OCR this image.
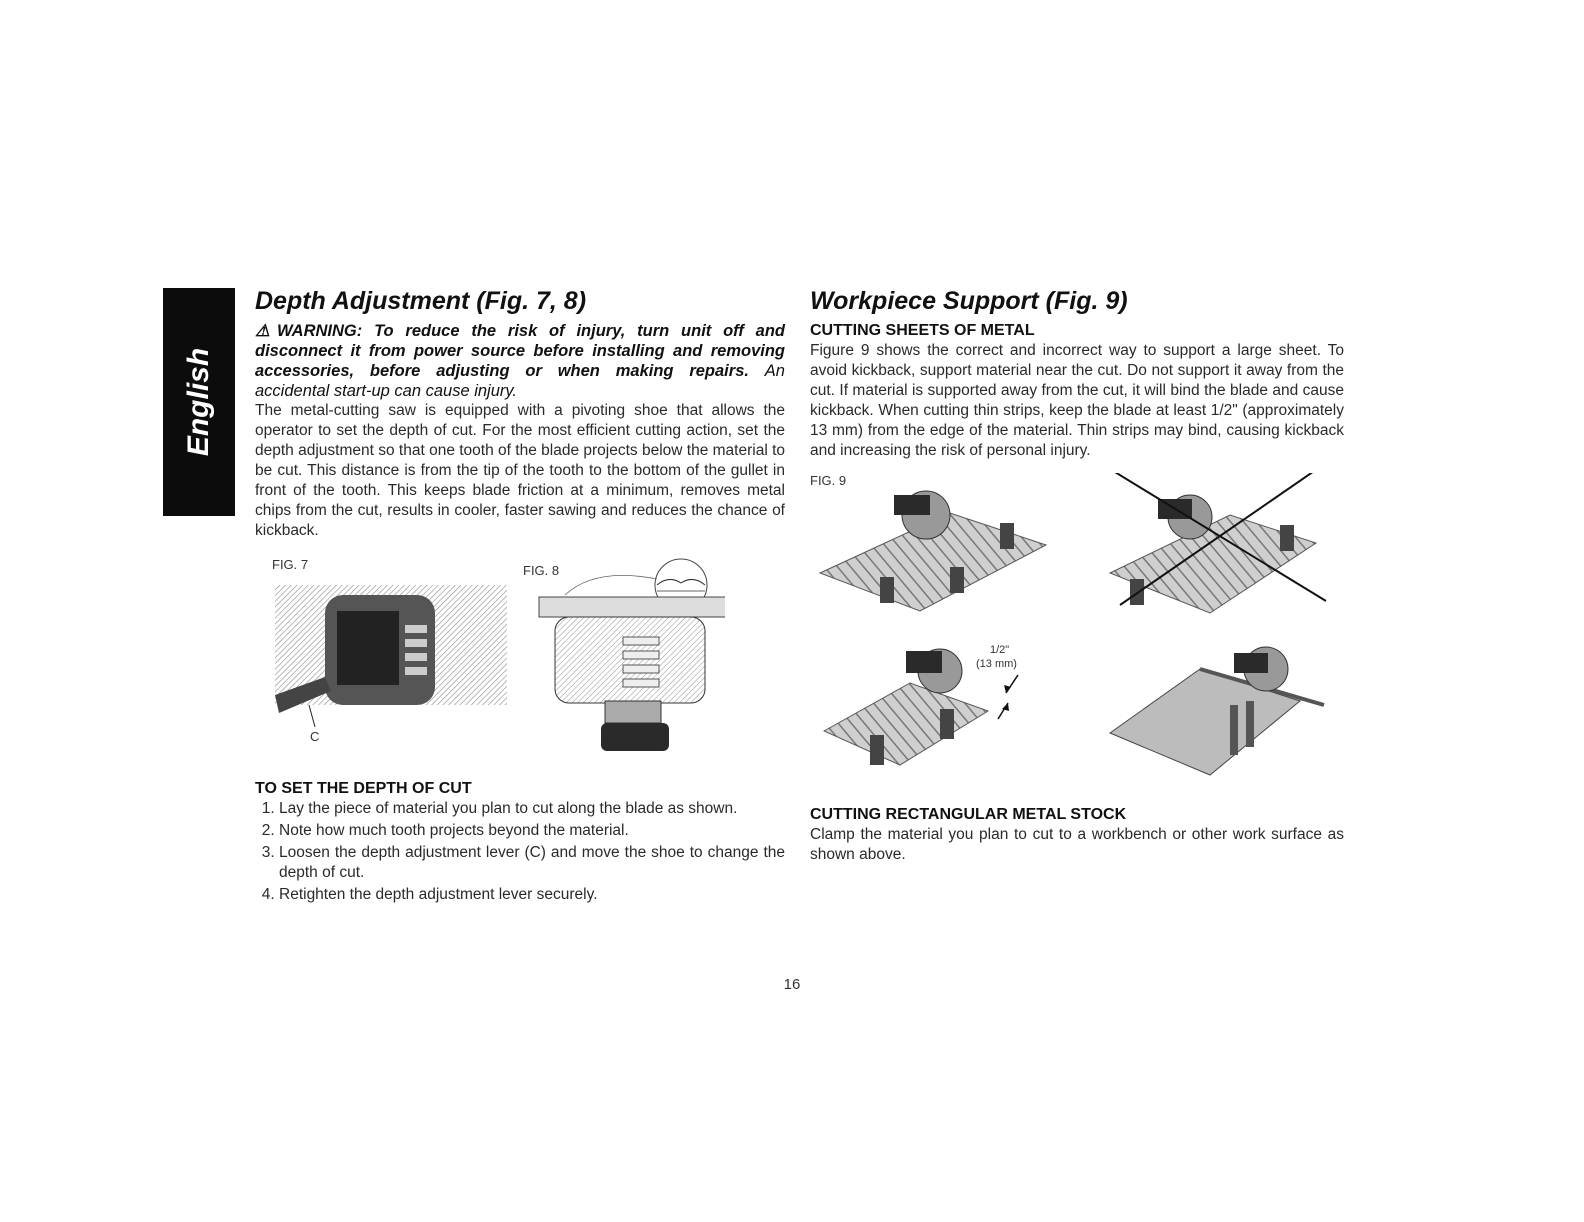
English
Depth Adjustment (Fig. 7, 8)

⚠WARNING: To reduce the risk of injury, turn unit off and disconnect it from power source before installing and removing accessories, before adjusting or when making repairs. An accidental start-up can cause injury.

The metal-cutting saw is equipped with a pivoting shoe that allows the operator to set the depth of cut. For the most efficient cutting action, set the depth adjustment so that one tooth of the blade projects below the material to be cut. This distance is from the tip of the tooth to the bottom of the gullet in front of the tooth. This keeps blade friction at a minimum, removes metal chips from the cut, results in cooler, faster sawing and reduces the chance of kickback.

FIG. 7
C
FIG. 8
TO SET THE DEPTH OF CUT
1. Lay the piece of material you plan to cut along the blade as shown.
2. Note how much tooth projects beyond the material.
3. Loosen the depth adjustment lever (C) and move the shoe to change the depth of cut.
4. Retighten the depth adjustment lever securely.
Workpiece Support (Fig. 9)
CUTTING SHEETS OF METAL

Figure 9 shows the correct and incorrect way to support a large sheet. To avoid kickback, support material near the cut. Do not support it away from the cut. If material is supported away from the cut, it will bind the blade and cause kickback. When cutting thin strips, keep the blade at least 1/2" (approximately 13 mm) from the edge of the material. Thin strips may bind, causing kickback and increasing the risk of personal injury.

FIG. 9
1/2"
(13 mm)
CUTTING RECTANGULAR METAL STOCK

Clamp the material you plan to cut to a workbench or other work surface as shown above.

16
